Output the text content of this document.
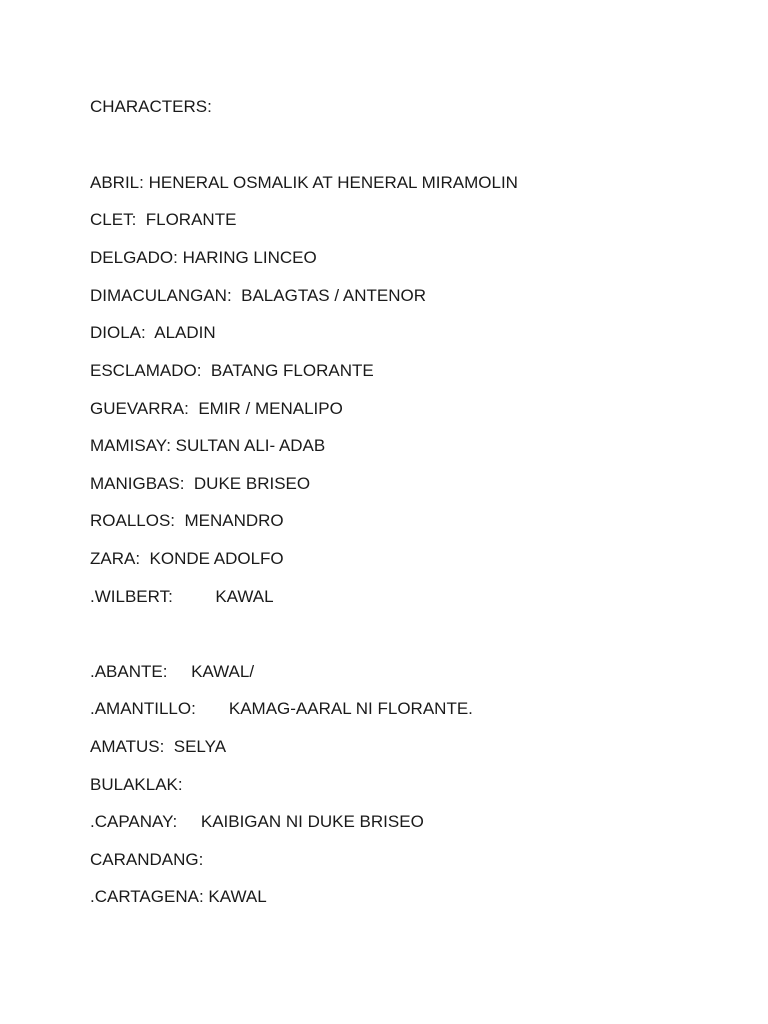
CHARACTERS:
ABRIL: HENERAL OSMALIK AT HENERAL MIRAMOLIN
CLET:  FLORANTE
DELGADO: HARING LINCEO
DIMACULANGAN:  BALAGTAS / ANTENOR
DIOLA:  ALADIN
ESCLAMADO:  BATANG FLORANTE
GUEVARRA:  EMIR / MENALIPO
MAMISAY: SULTAN ALI- ADAB
MANIGBAS:  DUKE BRISEO
ROALLOS:  MENANDRO
ZARA:  KONDE ADOLFO
.WILBERT:         KAWAL
.ABANTE:     KAWAL/
.AMANTILLO:       KAMAG-AARAL NI FLORANTE.
AMATUS:  SELYA
BULAKLAK:
.CAPANAY:     KAIBIGAN NI DUKE BRISEO
CARANDANG:
.CARTAGENA: KAWAL
